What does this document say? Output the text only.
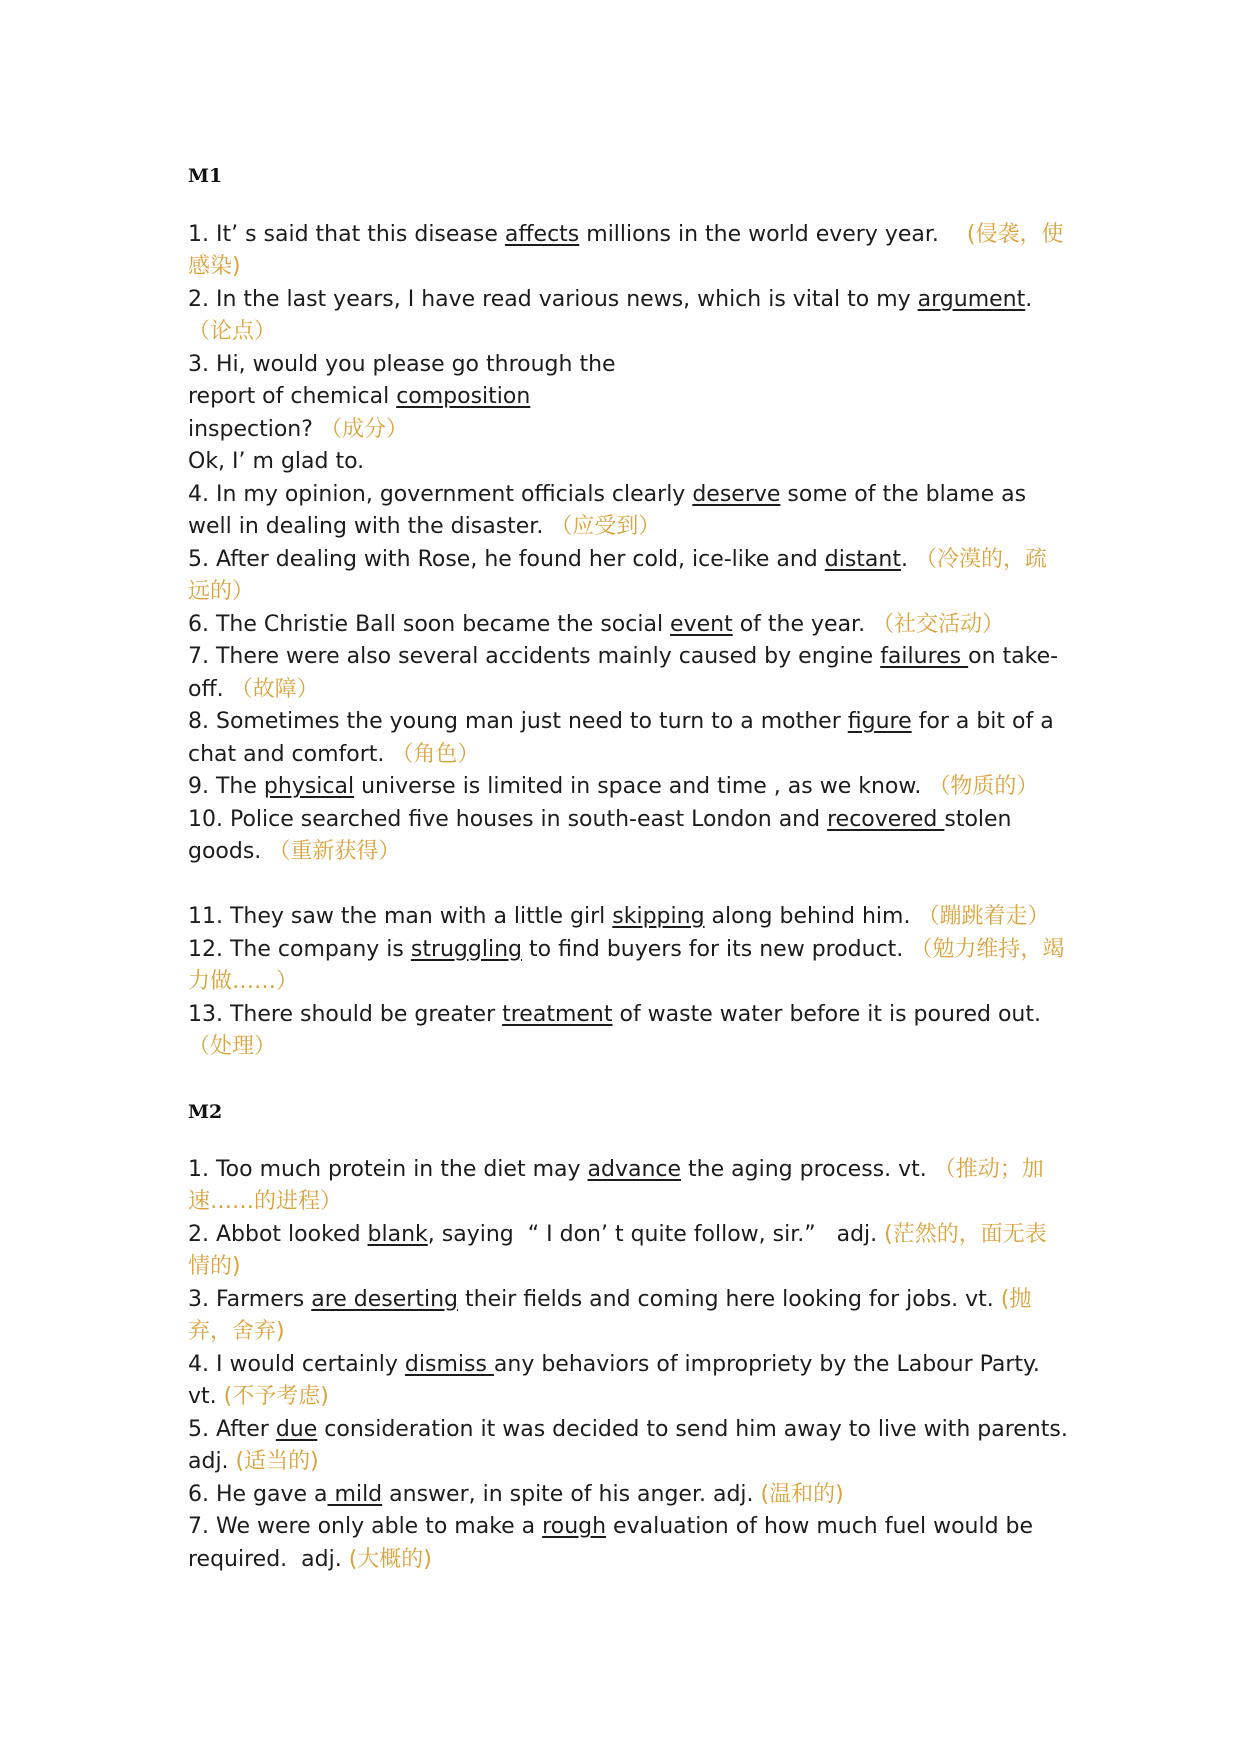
M1
1. It’ s said that this disease affects millions in the world every year.    (侵袭，使感染)
2. In the last years, I have read various news, which is vital to my argument. （论点）
3. Hi, would you please go through the report of chemical composition inspection? （成分）
Ok, I’ m glad to.
4. In my opinion, government officials clearly deserve some of the blame as well in dealing with the disaster. （应受到）
5. After dealing with Rose, he found her cold, ice-like and distant. （冷漠的，疏远的）
6. The Christie Ball soon became the social event of the year. （社交活动）
7. There were also several accidents mainly caused by engine failures on take-off. （故障）
8. Sometimes the young man just need to turn to a mother figure for a bit of a chat and comfort. （角色）
9. The physical universe is limited in space and time , as we know. （物质的）
10. Police searched five houses in south-east London and recovered stolen goods. （重新获得）
11. They saw the man with a little girl skipping along behind him. （蹦跳着走）
12. The company is struggling to find buyers for its new product. （勉力维持，竭力做……）
13. There should be greater treatment of waste water before it is poured out. （处理）
M2
1. Too much protein in the diet may advance the aging process. vt. （推动；加速……的进程）
2. Abbot looked blank, saying  “ I don’ t quite follow, sir.”   adj. (茫然的，面无表情的)
3. Farmers are deserting their fields and coming here looking for jobs. vt. (抛弃，舍弃)
4. I would certainly dismiss any behaviors of impropriety by the Labour Party. vt. (不予考虑)
5. After due consideration it was decided to send him away to live with parents. adj. (适当的)
6. He gave a mild answer, in spite of his anger. adj. (温和的)
7. We were only able to make a rough evaluation of how much fuel would be required.  adj. (大概的)
